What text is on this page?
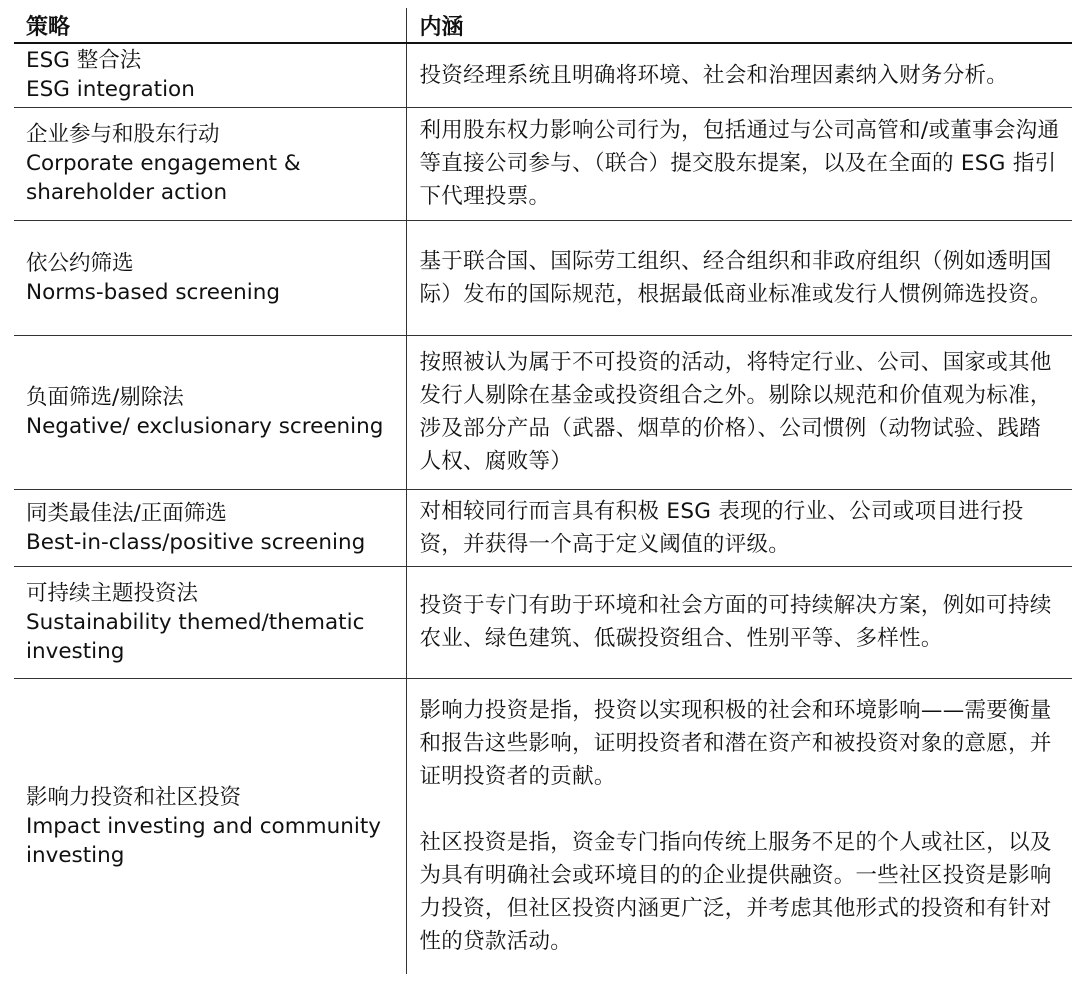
策略	内涵

ESG 整合法
ESG integration	投资经理系统且明确将环境、社会和治理因素纳入财务分析。

企业参与和股东行动
Corporate engagement & shareholder action	利用股东权力影响公司行为，包括通过与公司高管和/或董事会沟通等直接公司参与、（联合）提交股东提案，以及在全面的 ESG 指引下代理投票。

依公约筛选
Norms-based screening	基于联合国、国际劳工组织、经合组织和非政府组织（例如透明国际）发布的国际规范，根据最低商业标准或发行人惯例筛选投资。

负面筛选/剔除法
Negative/ exclusionary screening	按照被认为属于不可投资的活动，将特定行业、公司、国家或其他发行人剔除在基金或投资组合之外。剔除以规范和价值观为标准，涉及部分产品（武器、烟草的价格）、公司惯例（动物试验、践踏人权、腐败等）

同类最佳法/正面筛选
Best-in-class/positive screening	对相较同行而言具有积极 ESG 表现的行业、公司或项目进行投资，并获得一个高于定义阈值的评级。

可持续主题投资法
Sustainability themed/thematic investing	投资于专门有助于环境和社会方面的可持续解决方案，例如可持续农业、绿色建筑、低碳投资组合、性别平等、多样性。

影响力投资和社区投资
Impact investing and community investing	影响力投资是指，投资以实现积极的社会和环境影响——需要衡量和报告这些影响，证明投资者和潜在资产和被投资对象的意愿，并证明投资者的贡献。
社区投资是指，资金专门指向传统上服务不足的个人或社区，以及为具有明确社会或环境目的的企业提供融资。一些社区投资是影响力投资，但社区投资内涵更广泛，并考虑其他形式的投资和有针对性的贷款活动。
